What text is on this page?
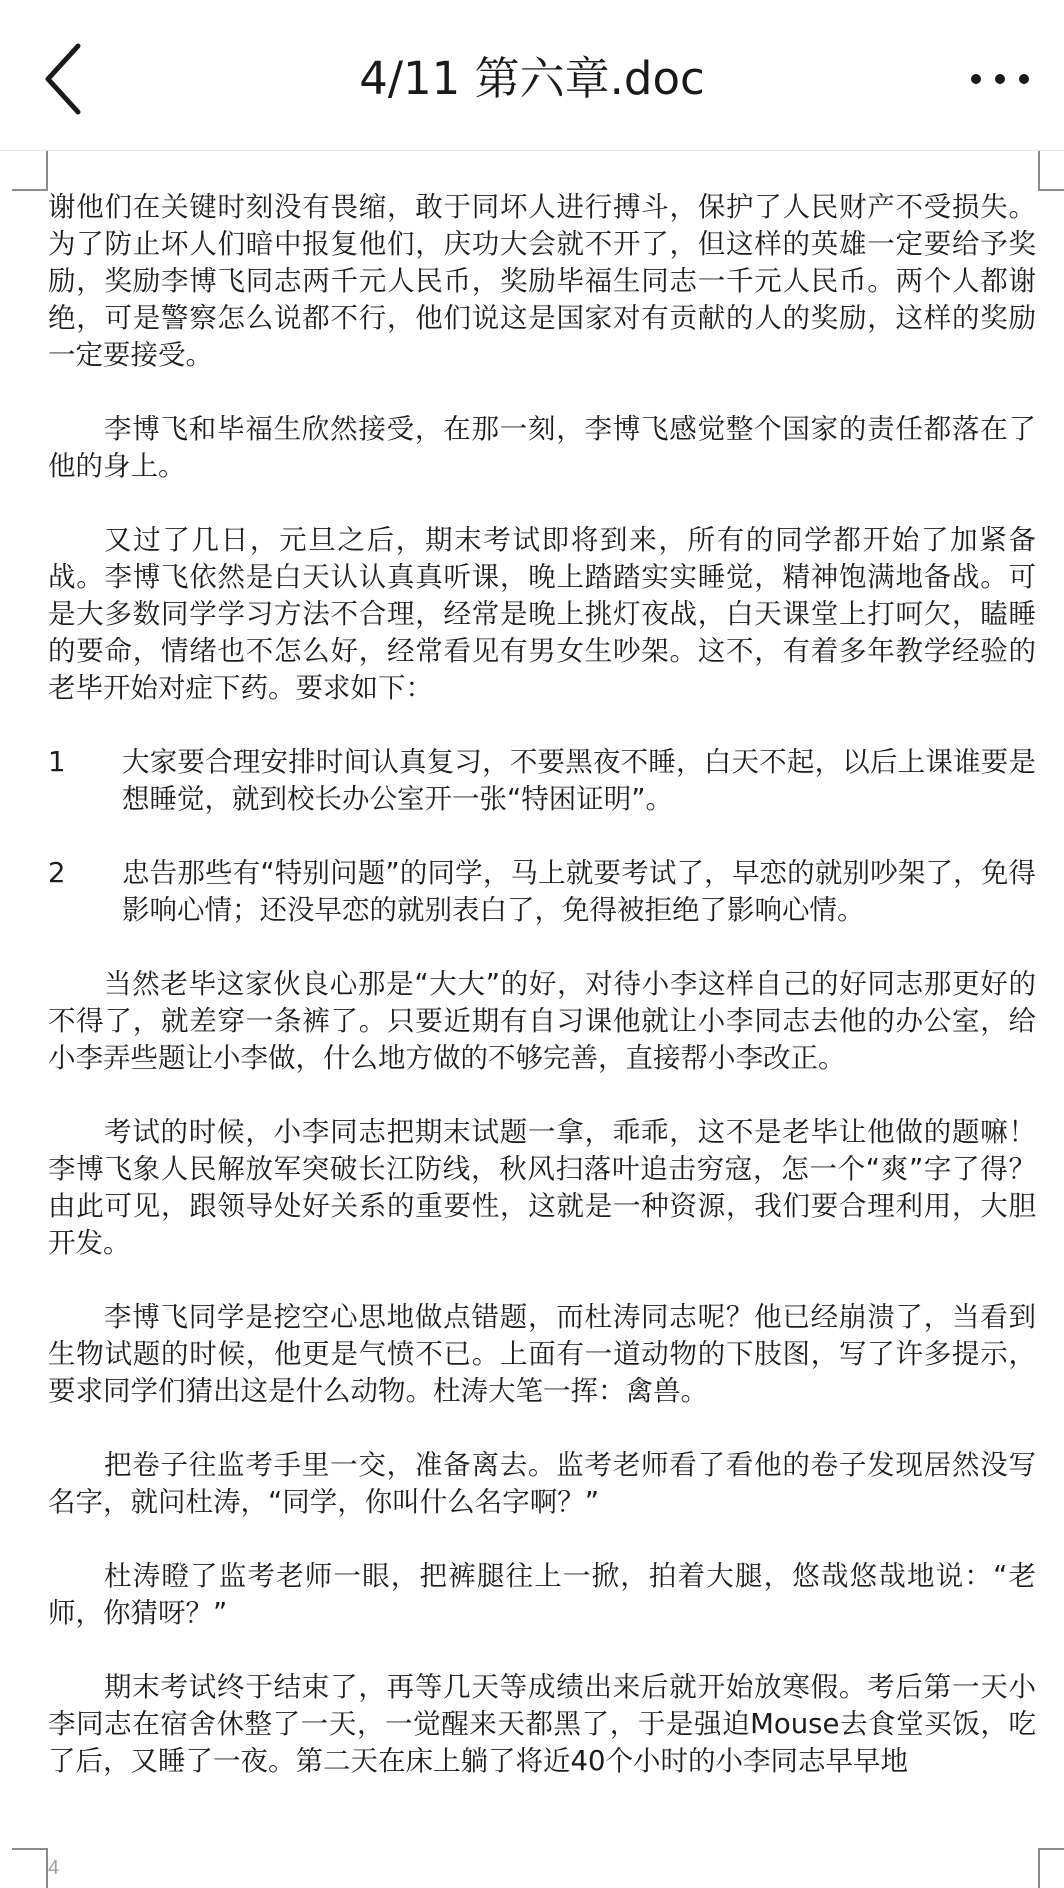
4/11 第六章.doc

谢他们在关键时刻没有畏缩，敢于同坏人进行搏斗，保护了人民财产不受损失。为了防止坏人们暗中报复他们，庆功大会就不开了，但这样的英雄一定要给予奖励，奖励李博飞同志两千元人民币，奖励毕福生同志一千元人民币。两个人都谢绝，可是警察怎么说都不行，他们说这是国家对有贡献的人的奖励，这样的奖励一定要接受。

李博飞和毕福生欣然接受，在那一刻，李博飞感觉整个国家的责任都落在了他的身上。

又过了几日，元旦之后，期末考试即将到来，所有的同学都开始了加紧备战。李博飞依然是白天认认真真听课，晚上踏踏实实睡觉，精神饱满地备战。可是大多数同学学习方法不合理，经常是晚上挑灯夜战，白天课堂上打呵欠，瞌睡的要命，情绪也不怎么好，经常看见有男女生吵架。这不，有着多年教学经验的老毕开始对症下药。要求如下：

1	大家要合理安排时间认真复习，不要黑夜不睡，白天不起，以后上课谁要是想睡觉，就到校长办公室开一张“特困证明”。
2	忠告那些有“特别问题”的同学，马上就要考试了，早恋的就别吵架了，免得影响心情；还没早恋的就别表白了，免得被拒绝了影响心情。

当然老毕这家伙良心那是“大大”的好，对待小李这样自己的好同志那更好的不得了，就差穿一条裤了。只要近期有自习课他就让小李同志去他的办公室，给小李弄些题让小李做，什么地方做的不够完善，直接帮小李改正。

考试的时候，小李同志把期末试题一拿，乖乖，这不是老毕让他做的题嘛！李博飞象人民解放军突破长江防线，秋风扫落叶追击穷寇，怎一个“爽”字了得？由此可见，跟领导处好关系的重要性，这就是一种资源，我们要合理利用，大胆开发。

李博飞同学是挖空心思地做点错题，而杜涛同志呢？他已经崩溃了，当看到生物试题的时候，他更是气愤不已。上面有一道动物的下肢图，写了许多提示，要求同学们猜出这是什么动物。杜涛大笔一挥：禽兽。

把卷子往监考手里一交，准备离去。监考老师看了看他的卷子发现居然没写名字，就问杜涛，“同学，你叫什么名字啊？”

杜涛瞪了监考老师一眼，把裤腿往上一掀，拍着大腿，悠哉悠哉地说：“老师，你猜呀？”

期末考试终于结束了，再等几天等成绩出来后就开始放寒假。考后第一天小李同志在宿舍休整了一天，一觉醒来天都黑了，于是强迫Mouse去食堂买饭，吃了后，又睡了一夜。第二天在床上躺了将近40个小时的小李同志早早地

4
